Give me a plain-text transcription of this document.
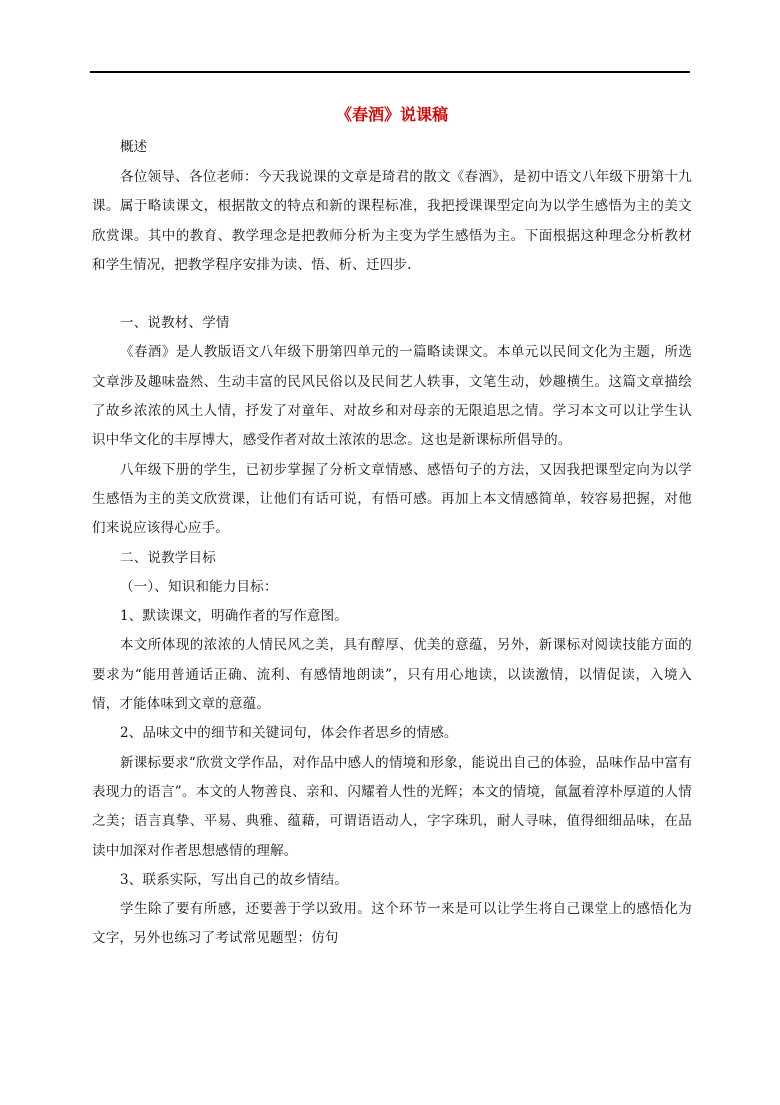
《春酒》说课稿
概述

各位领导、各位老师：今天我说课的文章是琦君的散文《春酒》，是初中语文八年级下册第十九课。属于略读课文，根据散文的特点和新的课程标准，我把授课课型定向为以学生感悟为主的美文欣赏课。其中的教育、教学理念是把教师分析为主变为学生感悟为主。下面根据这种理念分析教材和学生情况，把教学程序安排为读、悟、析、迁四步.

一、说教材、学情

《春酒》是人教版语文八年级下册第四单元的一篇略读课文。本单元以民间文化为主题，所选文章涉及趣味盎然、生动丰富的民风民俗以及民间艺人轶事，文笔生动，妙趣横生。这篇文章描绘了故乡浓浓的风土人情，抒发了对童年、对故乡和对母亲的无限追思之情。学习本文可以让学生认识中华文化的丰厚博大，感受作者对故土浓浓的思念。这也是新课标所倡导的。

八年级下册的学生，已初步掌握了分析文章情感、感悟句子的方法，又因我把课型定向为以学生感悟为主的美文欣赏课，让他们有话可说，有悟可感。再加上本文情感简单，较容易把握，对他们来说应该得心应手。

二、说教学目标

（一）、知识和能力目标：

1、默读课文，明确作者的写作意图。

本文所体现的浓浓的人情民风之美，具有醇厚、优美的意蕴，另外，新课标对阅读技能方面的要求为“能用普通话正确、流利、有感情地朗读”，只有用心地读，以读激情，以情促读，入境入情，才能体味到文章的意蕴。

2、品味文中的细节和关键词句，体会作者思乡的情感。

新课标要求“欣赏文学作品，对作品中感人的情境和形象，能说出自己的体验，品味作品中富有表现力的语言”。本文的人物善良、亲和、闪耀着人性的光辉；本文的情境，氤氲着淳朴厚道的人情之美；语言真挚、平易、典雅、蕴藉，可谓语语动人，字字珠玑，耐人寻味，值得细细品味，在品读中加深对作者思想感情的理解。

3、联系实际，写出自己的故乡情结。

学生除了要有所感，还要善于学以致用。这个环节一来是可以让学生将自己课堂上的感悟化为文字，另外也练习了考试常见题型：仿句
